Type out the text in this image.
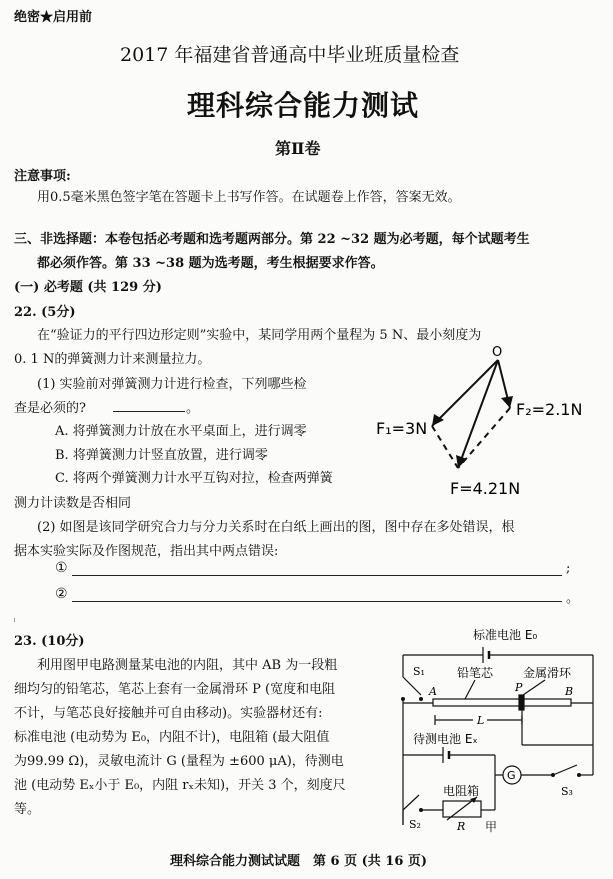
绝密★启用前
2017 年福建省普通高中毕业班质量检查
理科综合能力测试
第Ⅱ卷
注意事项:
用0.5毫米黑色签字笔在答题卡上书写作答。在试题卷上作答，答案无效。
三、非选择题：本卷包括必考题和选考题两部分。第 22 ~32 题为必考题，每个试题考生
都必须作答。第 33 ~38 题为选考题，考生根据要求作答。
(一) 必考题 (共 129 分)
22. (5分)
在“验证力的平行四边形定则”实验中，某同学用两个量程为 5 N、最小刻度为
0. 1 N的弹簧测力计来测量拉力。
(1) 实验前对弹簧测力计进行检查，下列哪些检
查是必须的?	。
A. 将弹簧测力计放在水平桌面上，进行调零
B. 将弹簧测力计竖直放置，进行调零
C. 将两个弹簧测力计水平互钩对拉，检查两弹簧
测力计读数是否相同
(2) 如图是该同学研究合力与分力关系时在白纸上画出的图，图中存在多处错误，根
据本实验实际及作图规范，指出其中两点错误:
①	;
②	。
O
F₁=3N
F₂=2.1N
F=4.21N
23. (10分)
利用图甲电路测量某电池的内阻，其中 AB 为一段粗
细均匀的铅笔芯，笔芯上套有一金属滑环 P (宽度和电阻
不计，与笔芯良好接触并可自由移动)。实验器材还有:
标准电池 (电动势为 E₀，内阻不计)，电阻箱 (最大阻值
为99.99 Ω)，灵敏电流计 G (量程为 ±600 μA)，待测电
池 (电动势 Eₓ小于 E₀，内阻 rₓ未知)，开关 3 个，刻度尺
等。
标准电池 E₀
S₁	铅笔芯 金属滑环
A	P	B
L
待测电池 Eₓ
G
S₃
电阻箱
R
S₂	甲
理科综合能力测试试题　第 6 页 (共 16 页)
